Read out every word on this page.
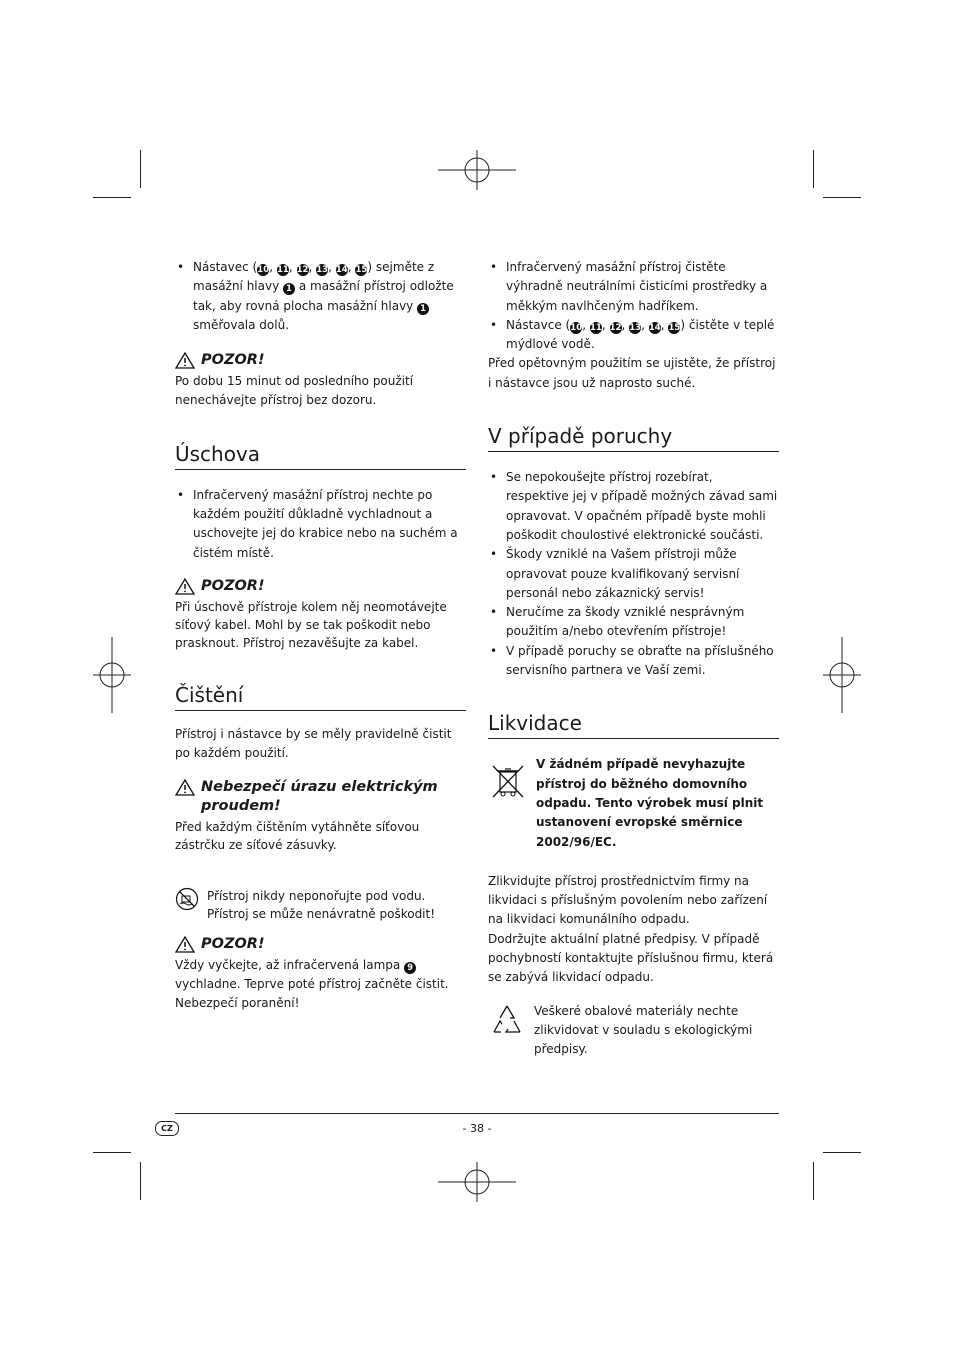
• Nástavec (10, 11, 12, 13, 14, 15) sejměte z masážní hlavy 1 a masážní přístroj odložte tak, aby rovná plocha masážní hlavy 1 směřovala dolů.
POZOR!

Po dobu 15 minut od posledního použití nenechávejte přístroj bez dozoru.

Úschova
• Infračervený masážní přístroj nechte po každém použití důkladně vychladnout a uschovejte jej do krabice nebo na suchém a čistém místě.
POZOR!

Při úschově přístroje kolem něj neomotávejte síťový kabel. Mohl by se tak poškodit nebo prasknout. Přístroj nezavěšujte za kabel.

Čištění

Přístroj i nástavce by se měly pravidelně čistit po každém použití.

Nebezpečí úrazu elektrickým proudem!

Před každým čištěním vytáhněte síťovou zástrčku ze síťové zásuvky.

Přístroj nikdy neponořujte pod vodu. Přístroj se může nenávratně poškodit!

POZOR!

Vždy vyčkejte, až infračervená lampa 9 vychladne. Teprve poté přístroj začněte čistit. Nebezpečí poranění!

• Infračervený masážní přístroj čistěte výhradně neutrálními čisticími prostředky a měkkým navlhčeným hadříkem.
• Nástavce (10, 11, 12, 13, 14, 15) čistěte v teplé mýdlové vodě.

Před opětovným použitím se ujistěte, že přístroj i nástavce jsou už naprosto suché.

V případě poruchy
• Se nepokoušejte přístroj rozebírat, respektive jej v případě možných závad sami opravovat. V opačném případě byste mohli poškodit choulostivé elektronické součásti.
• Škody vzniklé na Vašem přístroji může opravovat pouze kvalifikovaný servisní personál nebo zákaznický servis!
• Neručíme za škody vzniklé nesprávným použitím a/nebo otevřením přístroje!
• V případě poruchy se obraťte na příslušného servisního partnera ve Vaší zemi.
Likvidace

V žádném případě nevyhazujte přístroj do běžného domovního odpadu. Tento výrobek musí plnit ustanovení evropské směrnice 2002/96/EC.

Zlikvidujte přístroj prostřednictvím firmy na likvidaci s příslušným povolením nebo zařízení na likvidaci komunálního odpadu.

Dodržujte aktuální platné předpisy. V případě pochybností kontaktujte příslušnou firmu, která se zabývá likvidací odpadu.

Veškeré obalové materiály nechte zlikvidovat v souladu s ekologickými předpisy.

CZ	- 38 -
